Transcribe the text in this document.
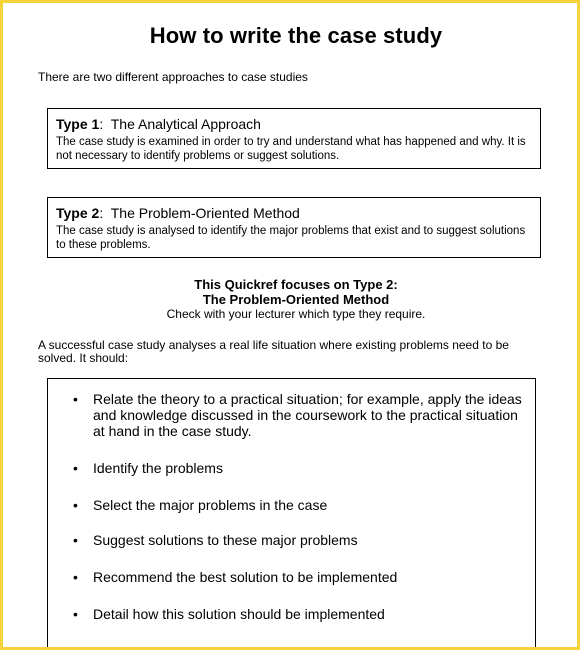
How to write the case study
There are two different approaches to case studies
Type 1:  The Analytical Approach
The case study is examined in order to try and understand what has happened and why. It is not necessary to identify problems or suggest solutions.
Type 2:  The Problem-Oriented Method
The case study is analysed to identify the major problems that exist and to suggest solutions to these problems.
This Quickref focuses on Type 2:
The Problem-Oriented Method
Check with your lecturer which type they require.
A successful case study analyses a real life situation where existing problems need to be solved. It should:
• Relate the theory to a practical situation; for example, apply the ideas and knowledge discussed in the coursework to the practical situation at hand in the case study.
• Identify the problems
• Select the major problems in the case
• Suggest solutions to these major problems
• Recommend the best solution to be implemented
• Detail how this solution should be implemented
